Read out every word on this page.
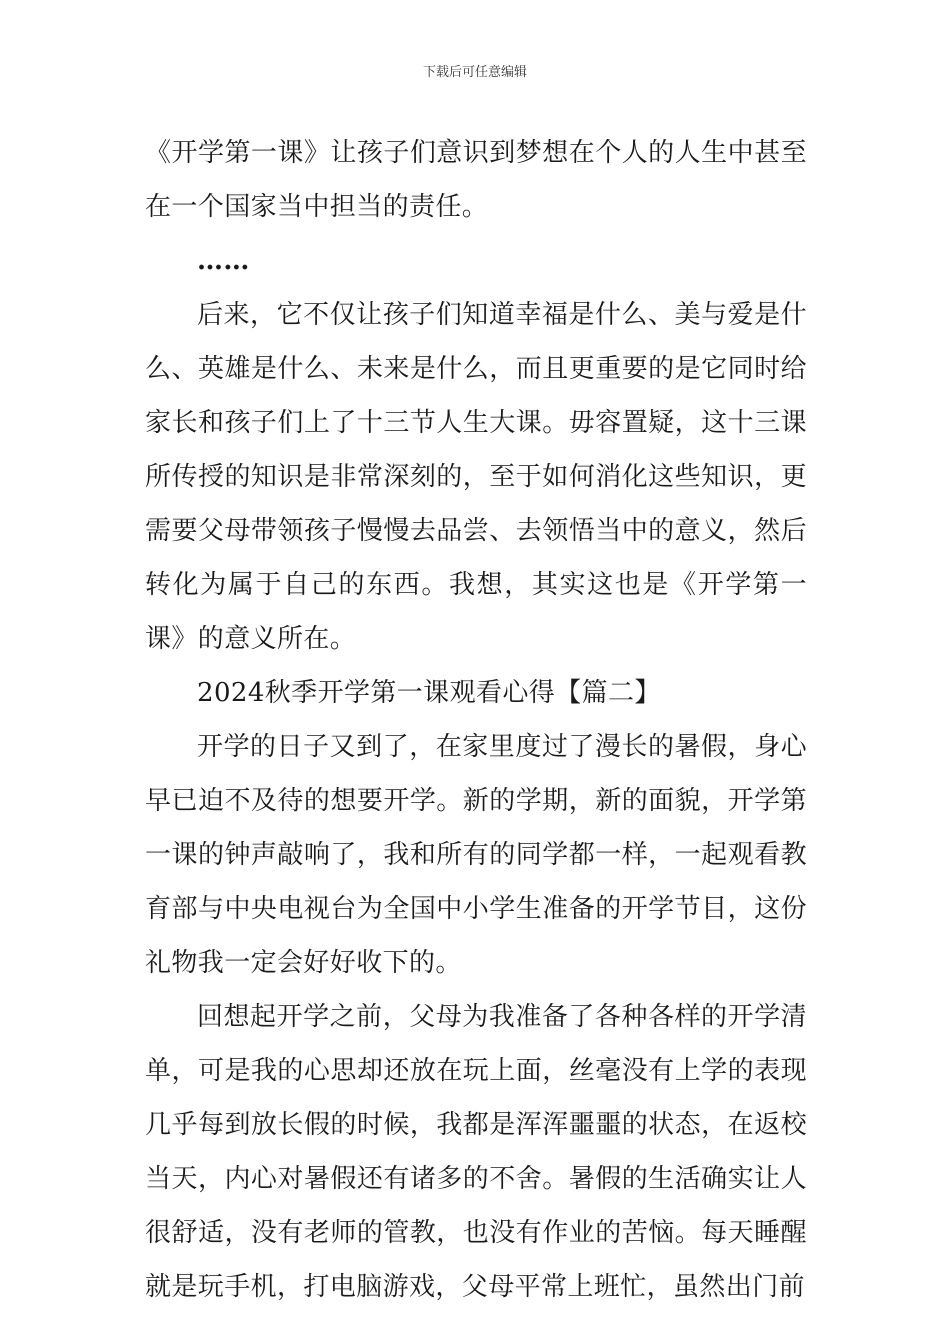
下载后可任意编辑

《开学第一课》让孩子们意识到梦想在个人的人生中甚至在一个国家当中担当的责任。

……

后来，它不仅让孩子们知道幸福是什么、美与爱是什么、英雄是什么、未来是什么，而且更重要的是它同时给家长和孩子们上了十三节人生大课。毋容置疑，这十三课所传授的知识是非常深刻的，至于如何消化这些知识，更需要父母带领孩子慢慢去品尝、去领悟当中的意义，然后转化为属于自己的东西。我想，其实这也是《开学第一课》的意义所在。

2024秋季开学第一课观看心得【篇二】

开学的日子又到了，在家里度过了漫长的暑假，身心早已迫不及待的想要开学。新的学期，新的面貌，开学第一课的钟声敲响了，我和所有的同学都一样，一起观看教育部与中央电视台为全国中小学生准备的开学节目，这份礼物我一定会好好收下的。

回想起开学之前，父母为我准备了各种各样的开学清单，可是我的心思却还放在玩上面，丝毫没有上学的表现几乎每到放长假的时候，我都是浑浑噩噩的状态，在返校当天，内心对暑假还有诸多的不舍。暑假的生活确实让人很舒适，没有老师的管教，也没有作业的苦恼。每天睡醒就是玩手机，打电脑游戏，父母平常上班忙，虽然出门前
